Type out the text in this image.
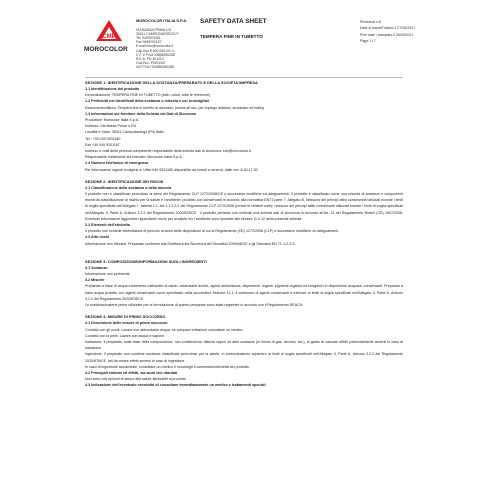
CMP
MOROCOLOR
MOROCOLOR ITALIA S.P.A.
VIA BASSA PRIMA 101
35011 CAMPODARSEGO P
Tel. 0499201161
Fax 0499202187
E-mail info@morocolor.it
Cap.Soc.€ 500.000,00 i.v.
C.F. e P.Iva 03856390288
R.E.A. PD 301014
Cod.Ecc. PD/01347
VAT/TVA IT03856390288
SAFETY DATA SHEET
TEMPERA FINE IN TUBETTO
Revisione n.8
Date of issue/Emissio 17/7/05/2021
Print date / stampato il 26/05/2021
Page 1 / 7
SEZIONE 1: IDENTIFICAZIONE DELLA SOSTANZA/PREPARATO E DELLA SOCIETA'/IMPRESA
1.1 Identificazione del prodotto
Denominazione: TEMPERA FINE IN TUBETTO (tutti i colori, tutte le referenze)
1.2 Pertinenti usi identificati della sostanza o miscela e usi sconsigliati
Descrizione/utilizzo: Tempera fine in tubetto di alluminio, pronta all'uso, per impiego artistico, scolastico ed hobby
1.3 Informazioni sul fornitore della Scheda dei Dati di Sicurezza
Produttore: Morocolor Italia S.p.A.
Indirizzo: Via Bassa Prima n.2/4
Località e Stato: 35011 Campodarsego (Pd) Italia
Tel.: +39 049 9201180
Fax +39 049 9201187
Indirizzo e-mail della persona competente responsabile della scheda dati di sicurezza: info@morocolor.it
Responsabile immissione sul mercato: Morocolor Italia S.p.A.
1.4 Numero telefonico di emergenza
Per informazioni urgenti rivolgersi a: Uffici 049 9201180 disponibile da lunedì a venerdì, dalle ore: 8.30-17.30
SEZIONE 2: IDENTIFICAZIONE DEI RISCHI
2.1 Classificazione della sostanza o della miscela
Il prodotto non è classificato pericoloso ai sensi del Regolamento CLP 1272/2008/CE e successive modifiche ed adeguamenti. Il prodotto è classificato come una miscela di sostanze e componenti esenti da classificazione di rischio per la salute e l'ambiente; prodotto con conservanti in accordo alla normativa EN71 parte 7, Allegato B. Nessuno dei principi attivi conservanti utilizzati eccede i limiti di soglia specificati nell'Allegato I , tabella 1.1, Art.1.1.2.2.2 del Regolamento CLP 1272/2008 (inclusi le relative note); nessuno dei principi attivi conservanti utilizzati eccede i limiti di soglia specificati nell'Allegato II, Parte A, Articolo 3.2.2 del Regolamento 2020/878/CE : il prodotto pertanto non richiede una scheda dati di sicurezza in accordo all'Art. 31 del Regolamento Reach (CE) 1907/2006. Eventuali informazioni aggiuntive riguardanti i rischi per la salute e/o l'ambiente sono riportate alle sezioni 11 e 12 della presente scheda.
2.2 Elementi dell'etichetta
Il prodotto non richiede etichettatura di pericolo ai sensi delle disposizioni di cui al Regolamento (CE) 1272/2008 (CLP) e successive modifiche ed adeguamenti.
2.3 Altri rischi
Informazione non rilevanti. Preparato conforme alla Direttiva sulla Sicurezza dei Giocattoli 2009/48/CE e gli Standard EN 71-1-2-3-9.
SEZIONE 3: COMPOSIZIONE/INFORMAZIONI SUGLI INGREDIENTI
3.1 Sostanze:
Informazione non pertinente
3.2 Miscele
Preparato a base di acqua contenente carbonato di calcio, addensanti acrilici, agenti antischiuma, disperdenti, leganti, pigmenti organici ed inorganici in dispersione acquosa, conservanti. Preparato a base acqua protetto con agenti conservanti come specificato nella successiva Sezione 11.1; il contenuto di agenti conservanti è inferiore ai limiti di soglia specificati nell'Allegato II, Parte A, Articolo 3.2.2 del Regolamento 2020/878/CE.
Le sostanze/materie prime utilizzate per la formulazione di questo preparato sono state registrate in accordo con il Regolamento REACH.
SEZIONE 4: MISURE DI PRIMO SOCCORSO
4.1 Descrizione delle misure di primo soccorso
Contatto con gli occhi: Lavare con abbondante acqua, se compare irritazione consultare un medico.
Contatto con la pelle: Lavare con acqua e sapone.
Inalazione: il preparato, sulla base della composizione, non contiene/non rilascia vapori od altre sostanze (in forma di gas, aerosol, etc.), in grado di causare effetti potenzialmente avversi in caso di inalazione.
Ingestione: il preparato non contiene sostanze classificate pericolose per la salute, in concentrazione superiore ai limiti di soglia specificati nell'Allegato II, Parte A, Articolo 3.2.2 del Regolamento 2020/878/CE, tali da creare effetti avversi in caso di ingestione.
In caso di ingestione accidentale, consultare un medico e mostrargli il contenitore/etichetta del prodotto.
4.2 Principali sintomi ed effetti, sia acuti che ritardati
Non sono noti episodi di danno alla salute attribuibili al prodotto
4.3 Indicazione dell'eventuale necessità di consultare immediatamente un medico e trattamenti speciali
